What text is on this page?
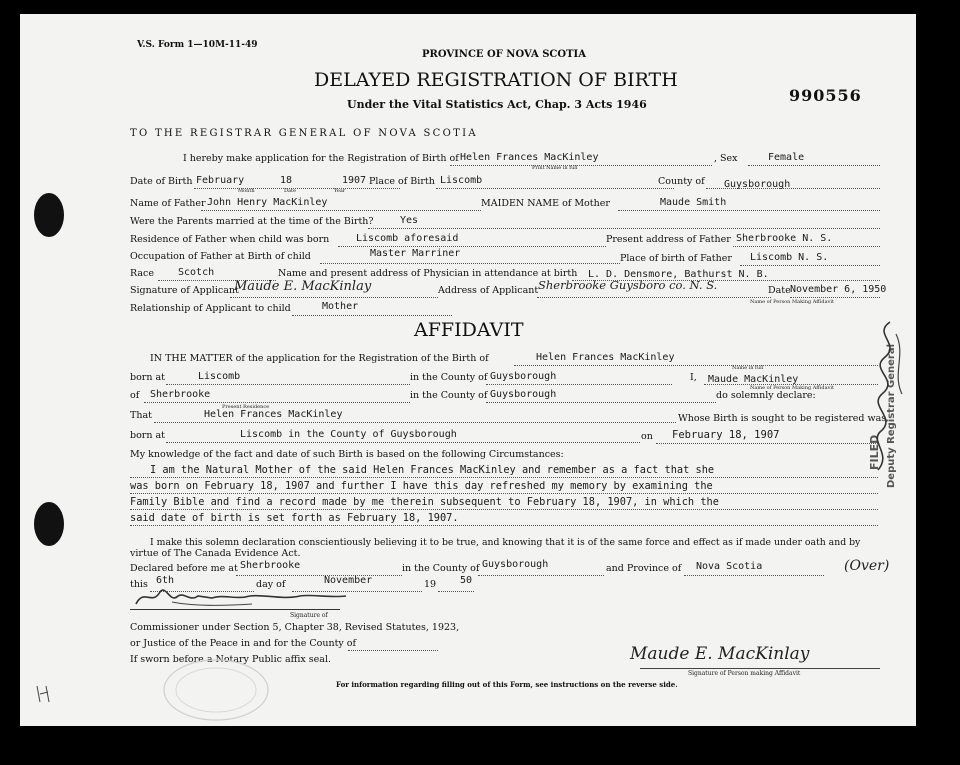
V.S. Form 1—10M-11-49
PROVINCE OF NOVA SCOTIA
DELAYED REGISTRATION OF BIRTH
Under the Vital Statistics Act, Chap. 3 Acts 1946	990556
TO THE REGISTRAR GENERAL OF NOVA SCOTIA
I hereby make application for the Registration of Birth of Helen Frances MacKinley
Print Name in full
, Sex	Female
Date of Birth February	18	1907
Month	Date	Year
Place of Birth Liscomb	County of Guysborough
Name of Father John Henry MacKinley	MAIDEN NAME of Mother	Maude Smith
Were the Parents married at the time of the Birth?	Yes
Residence of Father when child was born	Liscomb aforesaid	Present address of Father Sherbrooke N. S.
Occupation of Father at Birth of child	Master Marriner	Place of birth of Father Liscomb N. S.
Race Scotch	Name and present address of Physician in attendance at birth L. D. Densmore, Bathurst N. B.
Signature of Applicant
Maude E. MacKinlay	Address of Applicant Sherbrooke Guysboro co. N. S.	Date November 6, 1950
Name of Person Making Affidavit
Relationship of Applicant to child	Mother
AFFIDAVIT
IN THE MATTER of the application for the Registration of the Birth of	Helen Frances MacKinley
Name in full
born at	Liscomb	in the County of Guysborough	I, Maude MacKinley
Name of Person Making Affidavit
of Sherbrooke
Present Residence
in the County of Guysborough	do solemnly declare:
That	Helen Frances MacKinley	Whose Birth is sought to be registered was
born at	Liscomb in the County of Guysborough	on February 18, 1907
My knowledge of the fact and date of such Birth is based on the following Circumstances:
I am the Natural Mother of the said Helen Frances MacKinley and remember as a fact that she
was born on February 18, 1907 and further I have this day refreshed my memory by examining the
Family Bible and find a record made by me therein subsequent to February 18, 1907, in which the
said date of birth is set forth as February 18, 1907.
I make this solemn declaration conscientiously believing it to be true, and knowing that it is of the same force and effect as if made under oath and by
virtue of The Canada Evidence Act.
Declared before me at Sherbrooke	in the County of Guysborough	and Province of Nova Scotia	(Over)
this 6th	day of	November	19 50
Signature of
Commissioner under Section 5, Chapter 38, Revised Statutes, 1923,
or Justice of the Peace in and for the County of
If sworn before a Notary Public affix seal.	Maude E. MacKinlay
Signature of Person making Affidavit
For information regarding filling out of this Form, see instructions on the reverse side.
FILED Deputy Registrar General
